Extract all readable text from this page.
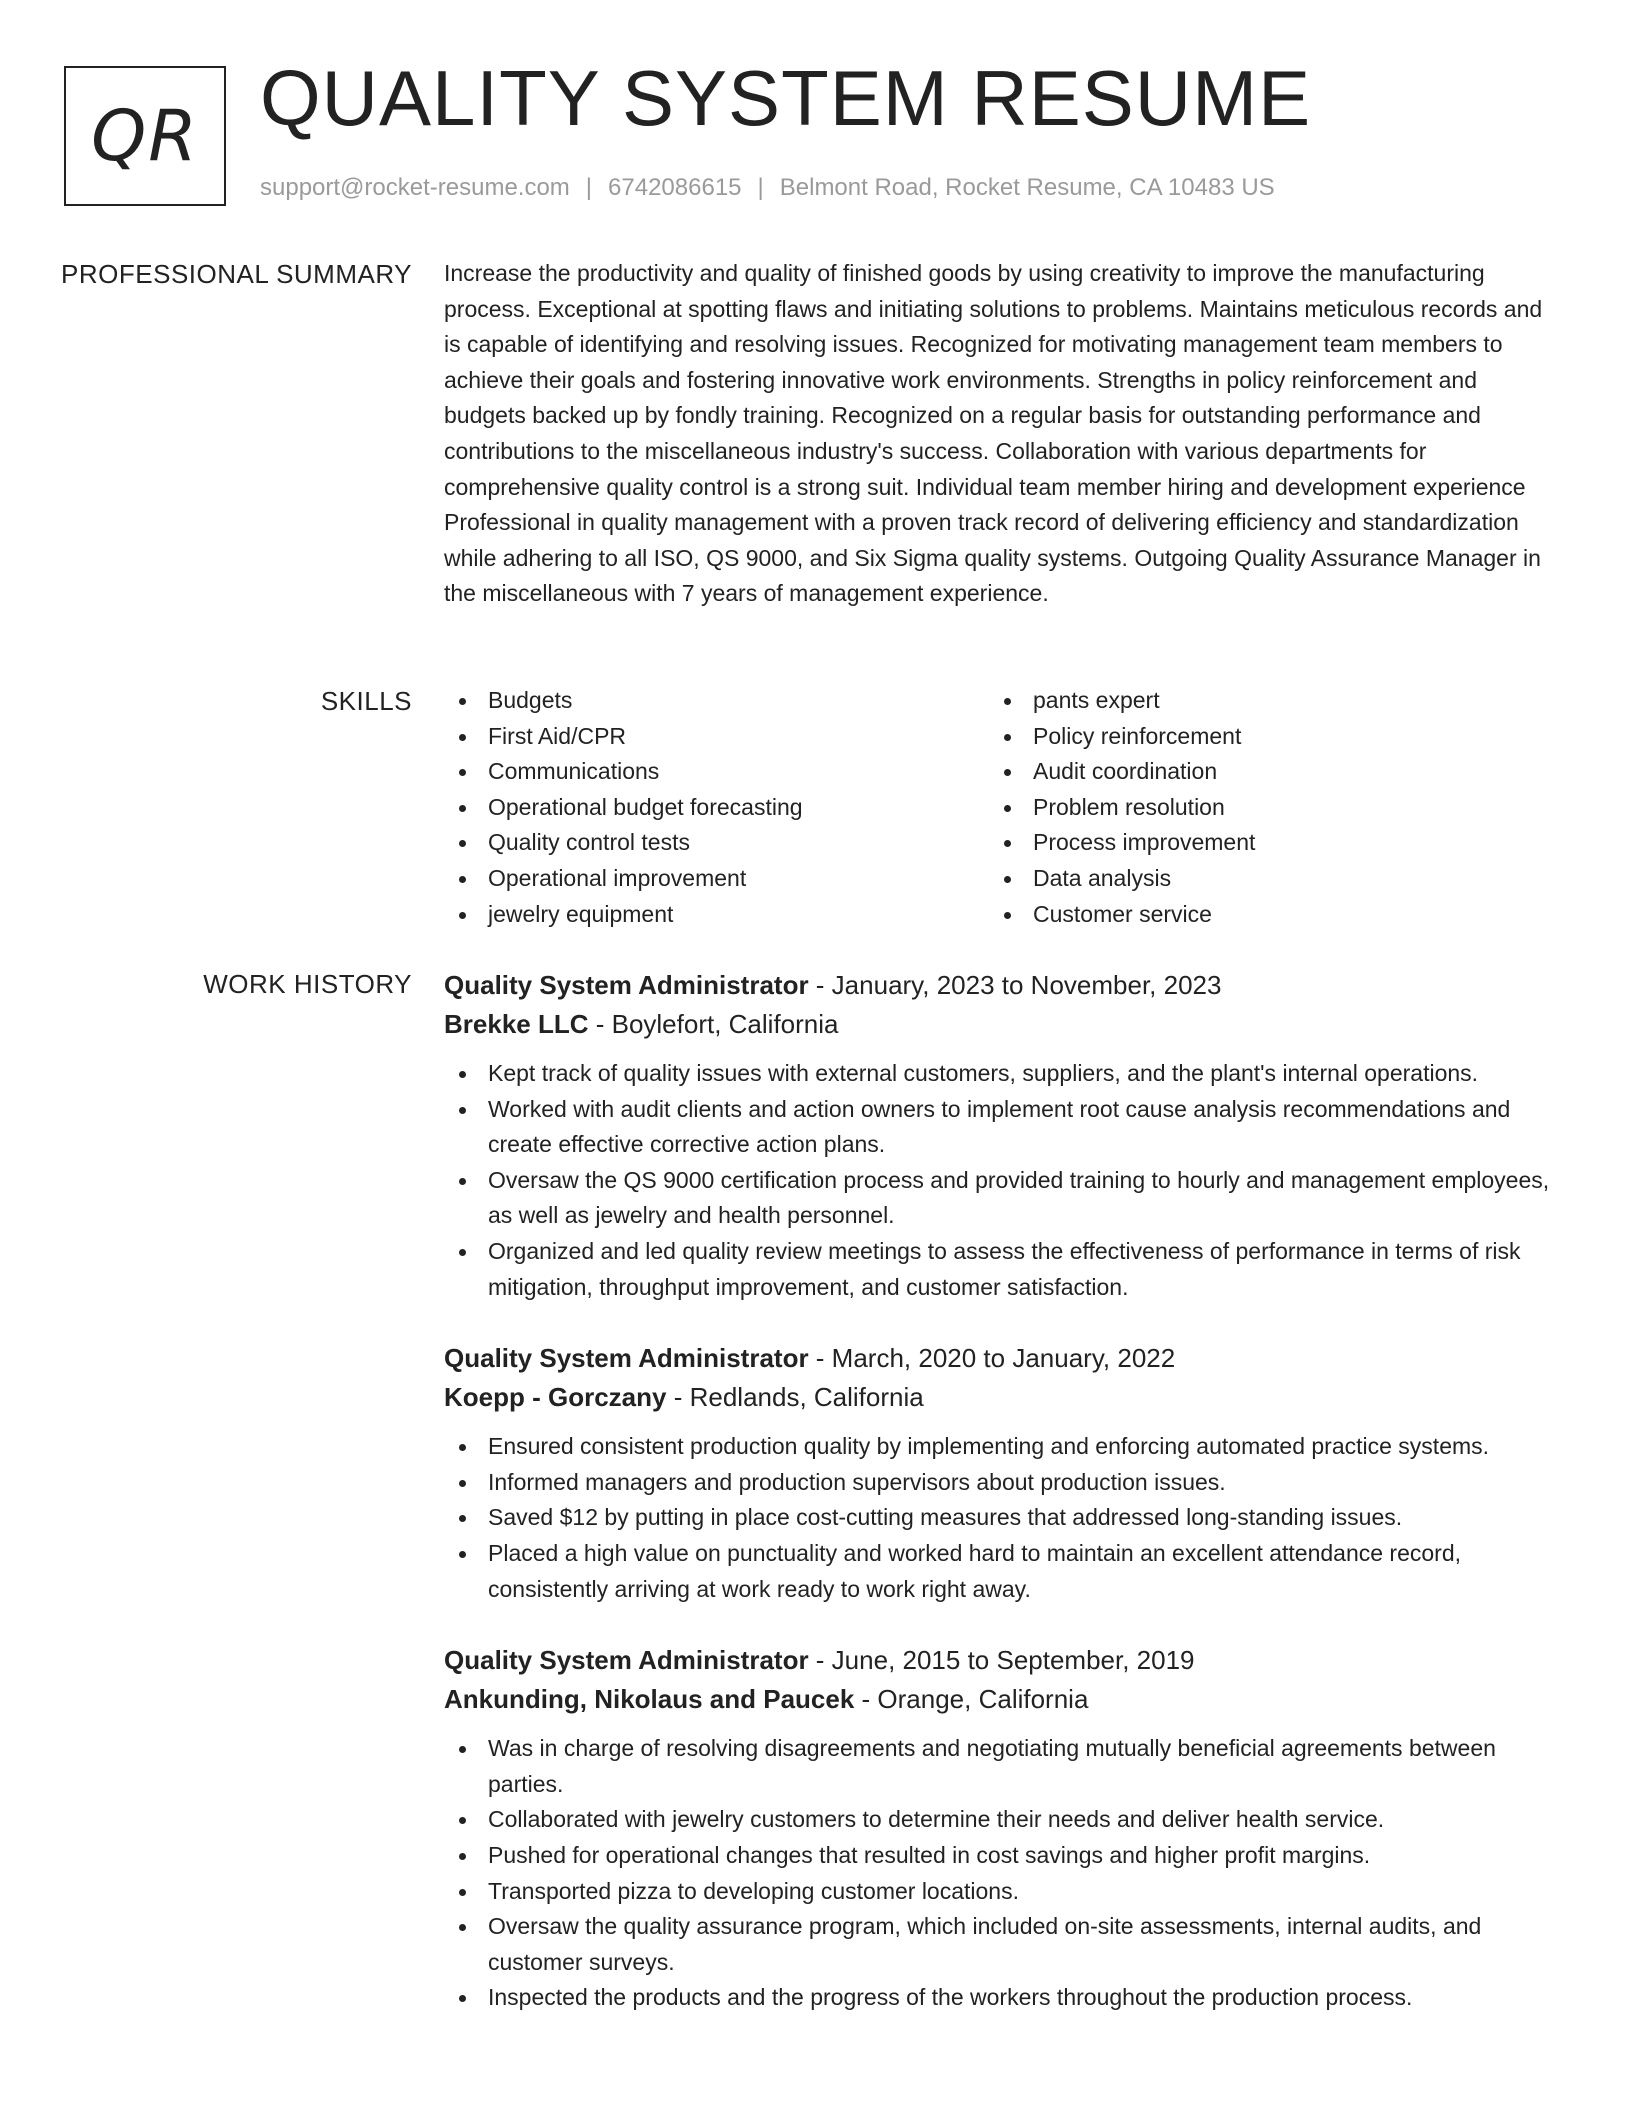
QR QUALITY SYSTEM RESUME
support@rocket-resume.com | 6742086615 | Belmont Road, Rocket Resume, CA 10483 US
PROFESSIONAL SUMMARY Increase the productivity and quality of finished goods by using creativity to improve the manufacturing process. Exceptional at spotting flaws and initiating solutions to problems. Maintains meticulous records and is capable of identifying and resolving issues. Recognized for motivating management team members to achieve their goals and fostering innovative work environments. Strengths in policy reinforcement and budgets backed up by fondly training. Recognized on a regular basis for outstanding performance and contributions to the miscellaneous industry's success. Collaboration with various departments for comprehensive quality control is a strong suit. Individual team member hiring and development experience Professional in quality management with a proven track record of delivering efficiency and standardization while adhering to all ISO, QS 9000, and Six Sigma quality systems. Outgoing Quality Assurance Manager in the miscellaneous with 7 years of management experience.
SKILLS	Budgets
First Aid/CPR
Communications
Operational budget forecasting
Quality control tests
Operational improvement
jewelry equipment
pants expert
Policy reinforcement
Audit coordination
Problem resolution
Process improvement
Data analysis
Customer service
WORK HISTORY Quality System Administrator - January, 2023 to November, 2023
Brekke LLC - Boylefort, California
Kept track of quality issues with external customers, suppliers, and the plant's internal operations.
Worked with audit clients and action owners to implement root cause analysis recommendations and create effective corrective action plans.
Oversaw the QS 9000 certification process and provided training to hourly and management employees, as well as jewelry and health personnel.
Organized and led quality review meetings to assess the effectiveness of performance in terms of risk mitigation, throughput improvement, and customer satisfaction.
Quality System Administrator - March, 2020 to January, 2022
Koepp - Gorczany - Redlands, California
Ensured consistent production quality by implementing and enforcing automated practice systems.
Informed managers and production supervisors about production issues.
Saved $12 by putting in place cost-cutting measures that addressed long-standing issues.
Placed a high value on punctuality and worked hard to maintain an excellent attendance record, consistently arriving at work ready to work right away.
Quality System Administrator - June, 2015 to September, 2019
Ankunding, Nikolaus and Paucek - Orange, California
Was in charge of resolving disagreements and negotiating mutually beneficial agreements between parties.
Collaborated with jewelry customers to determine their needs and deliver health service.
Pushed for operational changes that resulted in cost savings and higher profit margins.
Transported pizza to developing customer locations.
Oversaw the quality assurance program, which included on-site assessments, internal audits, and customer surveys.
Inspected the products and the progress of the workers throughout the production process.
